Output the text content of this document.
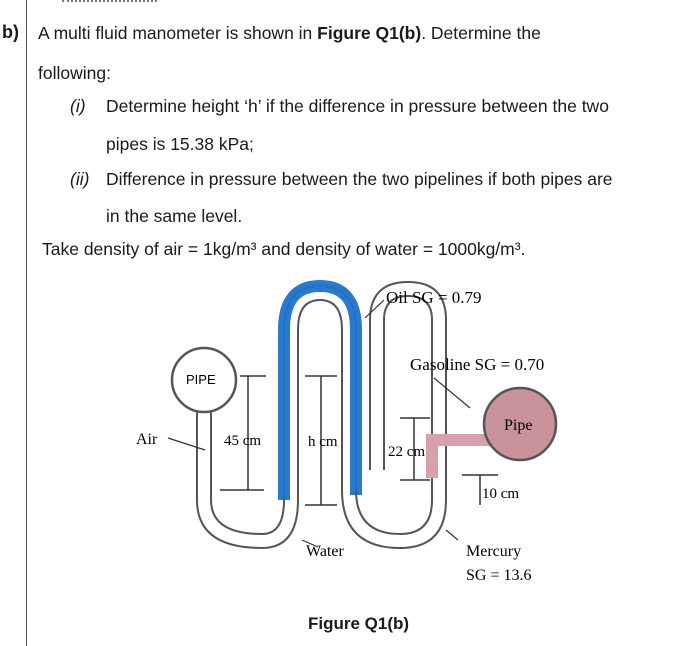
b) A multi fluid manometer is shown in Figure Q1(b). Determine the
following:
(i) Determine height ‘h’ if the difference in pressure between the two
pipes is 15.38 kPa;
(ii) Difference in pressure between the two pipelines if both pipes are
in the same level.
Take density of air = 1kg/m³ and density of water = 1000kg/m³.
Oil SG = 0.79
Gasoline SG = 0.70
PIPE
Pipe
Air	45 cm	h cm
22 cm
10 cm
Water	Mercury
SG = 13.6
Figure Q1(b)
